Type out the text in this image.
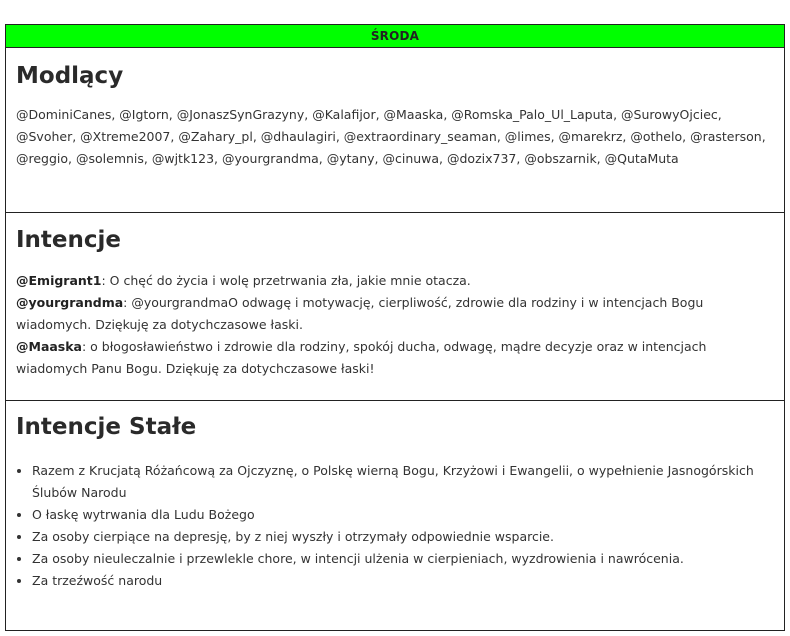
ŚRODA
Modlący
@DominiCanes, @Igtorn, @JonaszSynGrazyny, @Kalafijor, @Maaska, @Romska_Palo_Ul_Laputa, @SurowyOjciec, @Svoher, @Xtreme2007, @Zahary_pl, @dhaulagiri, @extraordinary_seaman, @limes, @marekrz, @othelo, @rasterson, @reggio, @solemnis, @wjtk123, @yourgrandma, @ytany, @cinuwa, @dozix737, @obszarnik, @QutaMuta
Intencje
@Emigrant1: O chęć do życia i wolę przetrwania zła, jakie mnie otacza.
@yourgrandma: @yourgrandmaO odwagę i motywację, cierpliwość, zdrowie dla rodziny i w intencjach Bogu wiadomych. Dziękuję za dotychczasowe łaski.
@Maaska: o błogosławieństwo i zdrowie dla rodziny, spokój ducha, odwagę, mądre decyzje oraz w intencjach wiadomych Panu Bogu. Dziękuję za dotychczasowe łaski!
Intencje Stałe
• Razem z Krucjatą Różańcową za Ojczyznę, o Polskę wierną Bogu, Krzyżowi i Ewangelii, o wypełnienie Jasnogórskich Ślubów Narodu
• O łaskę wytrwania dla Ludu Bożego
• Za osoby cierpiące na depresję, by z niej wyszły i otrzymały odpowiednie wsparcie.
• Za osoby nieuleczalnie i przewlekle chore, w intencji ulżenia w cierpieniach, wyzdrowienia i nawrócenia.
• Za trzeźwość narodu
